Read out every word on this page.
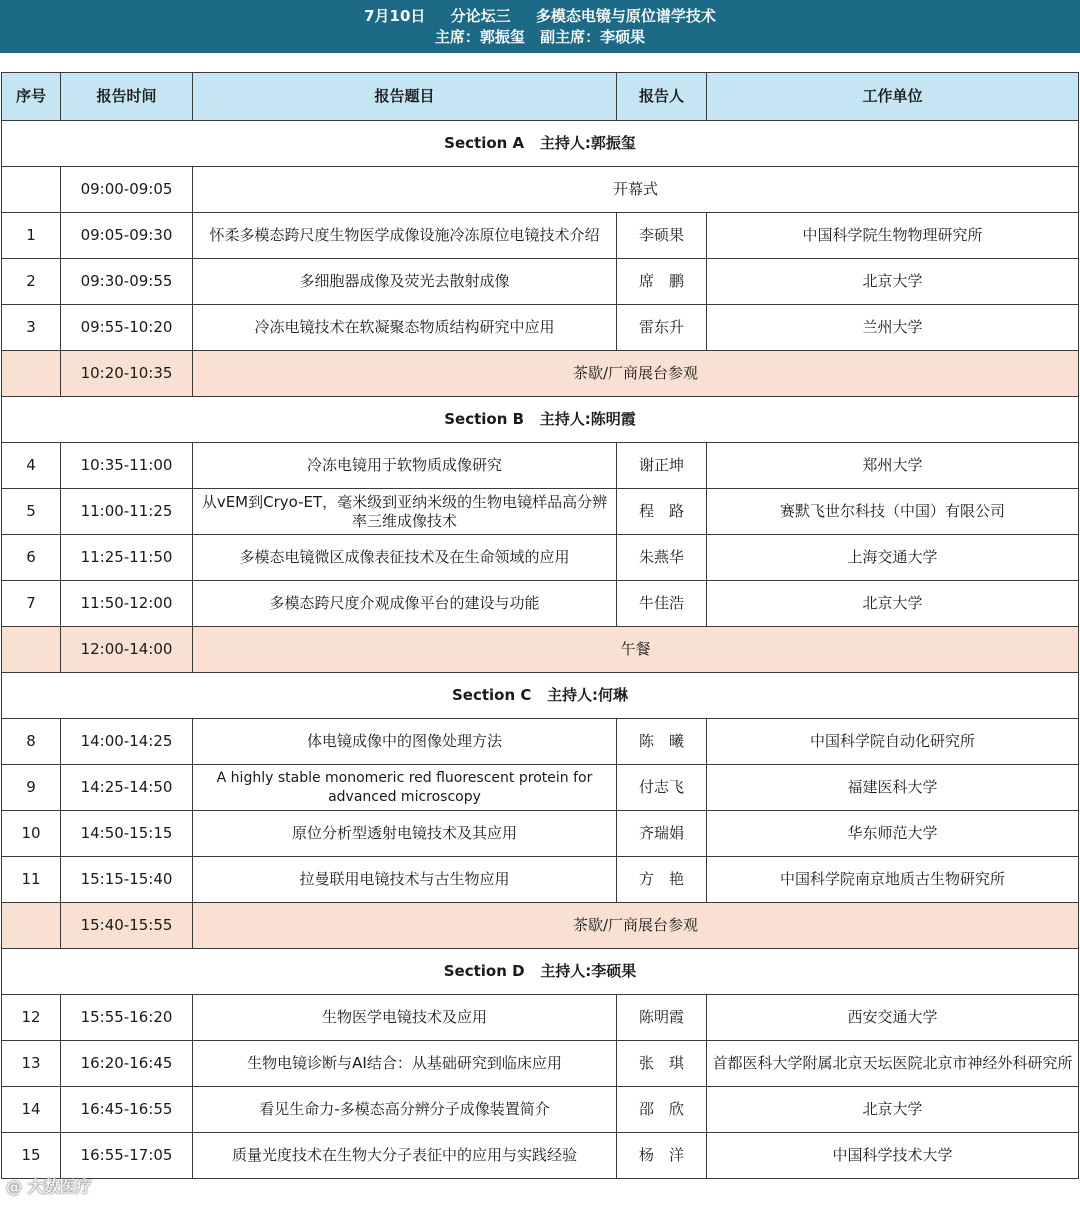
7月10日 分论坛三 多模态电镜与原位谱学技术
主席：郭振玺 副主席：李硕果
序号	报告时间	报告题目	报告人	工作单位
Section A   主持人:郭振玺				
	09:00-09:05	开幕式		
1	09:05-09:30	怀柔多模态跨尺度生物医学成像设施冷冻原位电镜技术介绍	李硕果	中国科学院生物物理研究所
2	09:30-09:55	多细胞器成像及荧光去散射成像	席　鹏	北京大学
3	09:55-10:20	冷冻电镜技术在软凝聚态物质结构研究中应用	雷东升	兰州大学
	10:20-10:35	茶歇/厂商展台参观		
Section B   主持人:陈明霞				
4	10:35-11:00	冷冻电镜用于软物质成像研究	谢正坤	郑州大学
5	11:00-11:25	从vEM到Cryo-ET，毫米级到亚纳米级的生物电镜样品高分辨率三维成像技术	程　路	赛默飞世尔科技（中国）有限公司
6	11:25-11:50	多模态电镜微区成像表征技术及在生命领域的应用	朱燕华	上海交通大学
7	11:50-12:00	多模态跨尺度介观成像平台的建设与功能	牛佳浩	北京大学
	12:00-14:00	午餐		
Section C   主持人:何琳				
8	14:00-14:25	体电镜成像中的图像处理方法	陈　曦	中国科学院自动化研究所
9	14:25-14:50	A highly stable monomeric red fluorescent protein for advanced microscopy	付志飞	福建医科大学
10	14:50-15:15	原位分析型透射电镜技术及其应用	齐瑞娟	华东师范大学
11	15:15-15:40	拉曼联用电镜技术与古生物应用	方　艳	中国科学院南京地质古生物研究所
	15:40-15:55	茶歇/厂商展台参观		
Section D   主持人:李硕果				
12	15:55-16:20	生物医学电镜技术及应用	陈明霞	西安交通大学
13	16:20-16:45	生物电镜诊断与AI结合：从基础研究到临床应用	张　琪	首都医科大学附属北京天坛医院北京市神经外科研究所
14	16:45-16:55	看见生命力-多模态高分辨分子成像装置简介	邵　欣	北京大学
15	16:55-17:05	质量光度技术在生物大分子表征中的应用与实践经验	杨　洋	中国科学技术大学
@ 大数医疗
